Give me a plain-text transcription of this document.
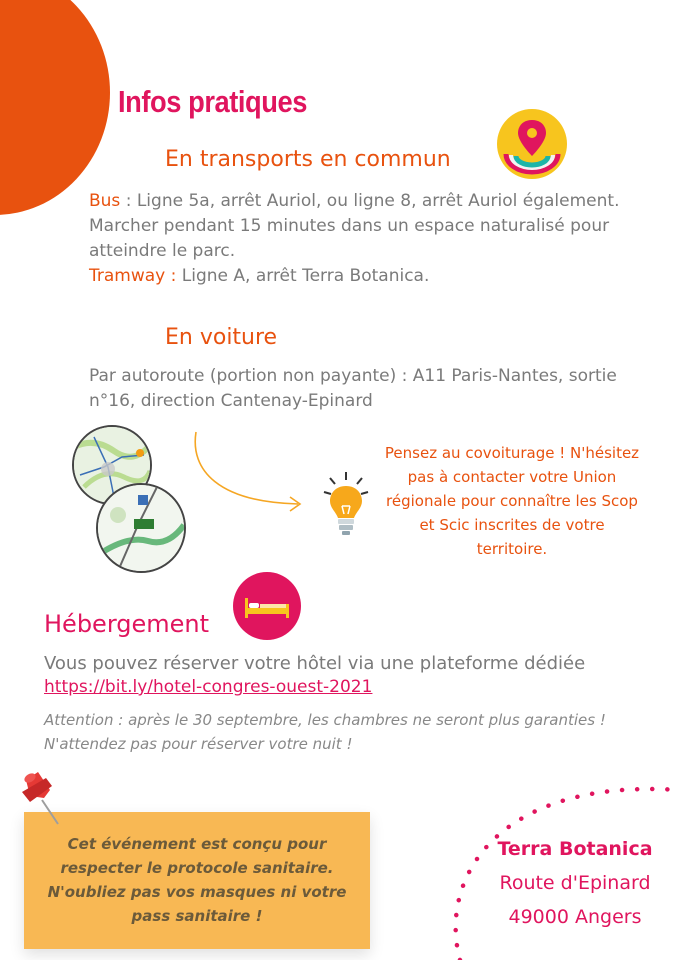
Infos pratiques
En transports en commun

Bus : Ligne 5a, arrêt Auriol, ou ligne 8, arrêt Auriol également.

Marcher pendant 15 minutes dans un espace naturalisé pour

atteindre le parc.

Tramway : Ligne A, arrêt Terra Botanica.

En voiture

Par autoroute (portion non payante) : A11 Paris-Nantes, sortie

n°16, direction Cantenay-Epinard

Pensez au covoiturage ! N'hésitez
pas à contacter votre Union
régionale pour connaître les Scop
et Scic inscrites de votre
territoire.
Hébergement

Vous pouvez réserver votre hôtel via une plateforme dédiée

https://bit.ly/hotel-congres-ouest-2021
Attention : après le 30 septembre, les chambres ne seront plus garanties !
N'attendez pas pour réserver votre nuit !
Cet événement est conçu pour
respecter le protocole sanitaire.
N'oubliez pas vos masques ni votre
pass sanitaire !
Terra Botanica
Route d'Epinard
49000 Angers
